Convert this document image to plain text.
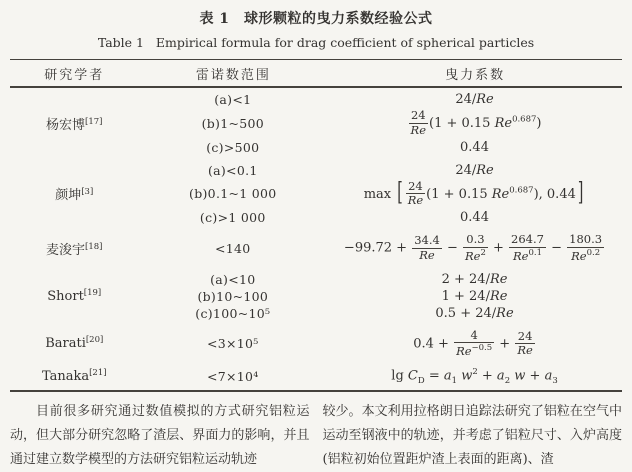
表 1　球形颗粒的曳力系数经验公式
Table 1   Empirical formula for drag coefficient of spherical particles
研究学者	雷诺数范围	曳力系数
杨宏博[17]
(a)<1	24/Re
(b)1~500	$\frac{24}{Re} (1 + 0.15$ $Re^{0.687}$)
(c)>500	0.44
颜坤[3]
(a)<0.1	24/Re
(b)0.1~1 000	max [ $\frac{24}{Re} (1 + 0.15$ $Re^{0.687}$), 0.44 ]
(c)>1 000	0.44
麦浚宇[18]	<140	$-99.72 + \frac{34.4}{Re} - \frac{0.3}{Re^2} + \frac{264.7}{Re^{0.1}} - \frac{180.3}{Re^{0.2}}$
Short[19]
(a)<10	2 + 24/Re
(b)10~100	1 + 24/Re
(c)100~10⁵	0.5 + 24/Re
Barati[20]	<3×10⁵	$0.4 + \frac{4}{Re^{-0.5}} + \frac{24}{Re}$
Tanaka[21]	<7×10⁴	$\lg C_D = a_1$ $w^2 + a_2$ $w + a_3$
目前很多研究通过数值模拟的方式研究铝粒运动，但大部分研究忽略了渣层、界面力的影响，并且通过建立数学模型的方法研究铝粒运动轨迹
较少。本文利用拉格朗日追踪法研究了铝粒在空气中运动至钢液中的轨迹，并考虑了铝粒尺寸、入炉高度(铝粒初始位置距炉渣上表面的距离)、渣
